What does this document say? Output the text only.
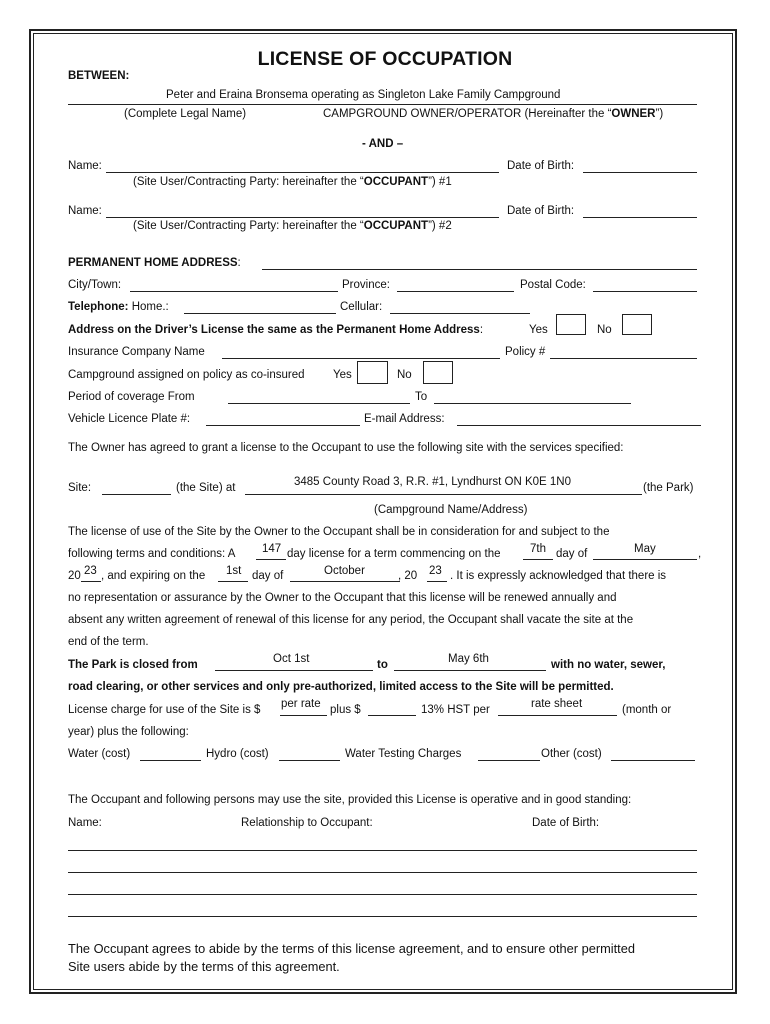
LICENSE OF OCCUPATION
BETWEEN:
Peter and Eraina Bronsema operating as Singleton Lake Family Campground
(Complete Legal Name)	CAMPGROUND OWNER/OPERATOR (Hereinafter the “OWNER”)
- AND –
Name:	Date of Birth:
(Site User/Contracting Party: hereinafter the “OCCUPANT”) #1
Name:	Date of Birth:
(Site User/Contracting Party: hereinafter the “OCCUPANT”) #2
PERMANENT HOME ADDRESS:
City/Town:	Province:	Postal Code:
Telephone: Home.:	Cellular:
Address on the Driver’s License the same as the Permanent Home Address:	Yes	No
Insurance Company Name	Policy #
Campground assigned on policy as co-insured Yes	No
Period of coverage From	To
Vehicle Licence Plate #:	E-mail Address:
The Owner has agreed to grant a license to the Occupant to use the following site with the services specified:
Site:	(the Site) at	3485 County Road 3, R.R. #1, Lyndhurst ON K0E 1N0	(the Park)
(Campground Name/Address)
The license of use of the Site by the Owner to the Occupant shall be in consideration for and subject to the
following terms and conditions: A 147 day license for a term commencing on the	7th day of	May	,
20 23 , and expiring on the 1st day of	October	, 20 23 . It is expressly acknowledged that there is
no representation or assurance by the Owner to the Occupant that this license will be renewed annually and
absent any written agreement of renewal of this license for any period, the Occupant shall vacate the site at the
end of the term.
The Park is closed from	Oct 1st	to	May 6th	with no water, sewer,
road clearing, or other services and only pre-authorized, limited access to the Site will be permitted.
License charge for use of the Site is $ per rate plus $	13% HST per	rate sheet	(month or
year) plus the following:
Water (cost)	Hydro (cost)	Water Testing Charges	Other (cost)
The Occupant and following persons may use the site, provided this License is operative and in good standing:
Name:	Relationship to Occupant:	Date of Birth:
The Occupant agrees to abide by the terms of this license agreement, and to ensure other permitted
Site users abide by the terms of this agreement.
